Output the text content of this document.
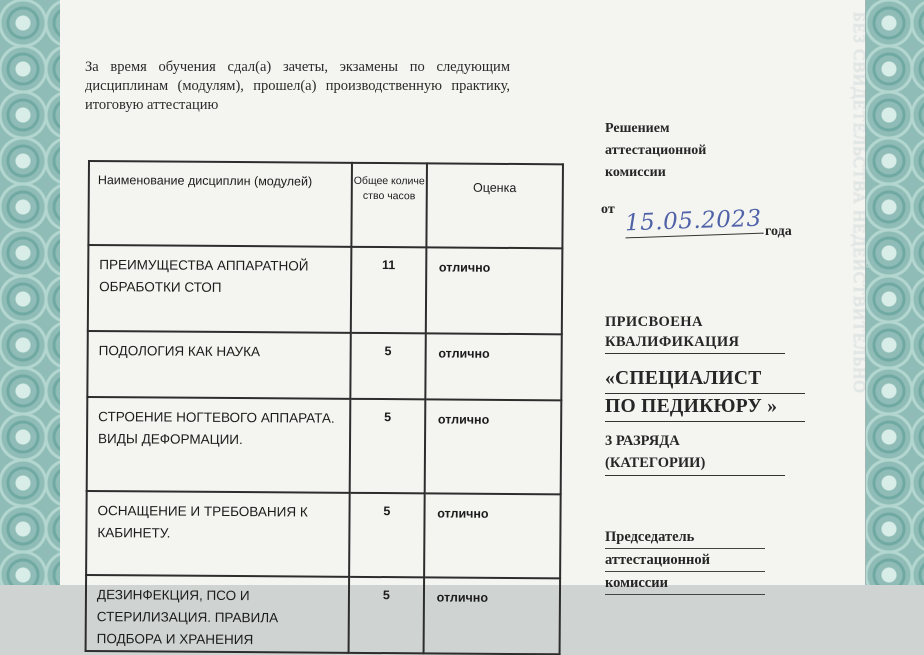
БЕЗ СВИДЕТЕЛЬСТВА НЕДЕЙСТВИТЕЛЬНО

За время обучения сдал(а) зачеты, экзамены по следующим дисциплинам (модулям), прошел(а) производственную практику, итоговую аттестацию

Наименование дисциплин (модулей)	Общее количе ство часов	Оценка
ПРЕИМУЩЕСТВА АППАРАТНОЙ ОБРАБОТКИ СТОП	11	отлично
ПОДОЛОГИЯ КАК НАУКА	5	отлично
СТРОЕНИЕ НОГТЕВОГО АППАРАТА. ВИДЫ ДЕФОРМАЦИИ.	5	отлично
ОСНАЩЕНИЕ И ТРЕБОВАНИЯ К КАБИНЕТУ.	5	отлично
ДЕЗИНФЕКЦИЯ, ПСО И СТЕРИЛИЗАЦИЯ. ПРАВИЛА ПОДБОРА И ХРАНЕНИЯ	5	отлично
Решением аттестационной комиссии
от 15.05.2023 года
ПРИСВОЕНА
КВАЛИФИКАЦИЯ
«СПЕЦИАЛИСТ
ПО ПЕДИКЮРУ »
3 РАЗРЯДА
(КАТЕГОРИИ)
Председатель
аттестационной
комиссии
